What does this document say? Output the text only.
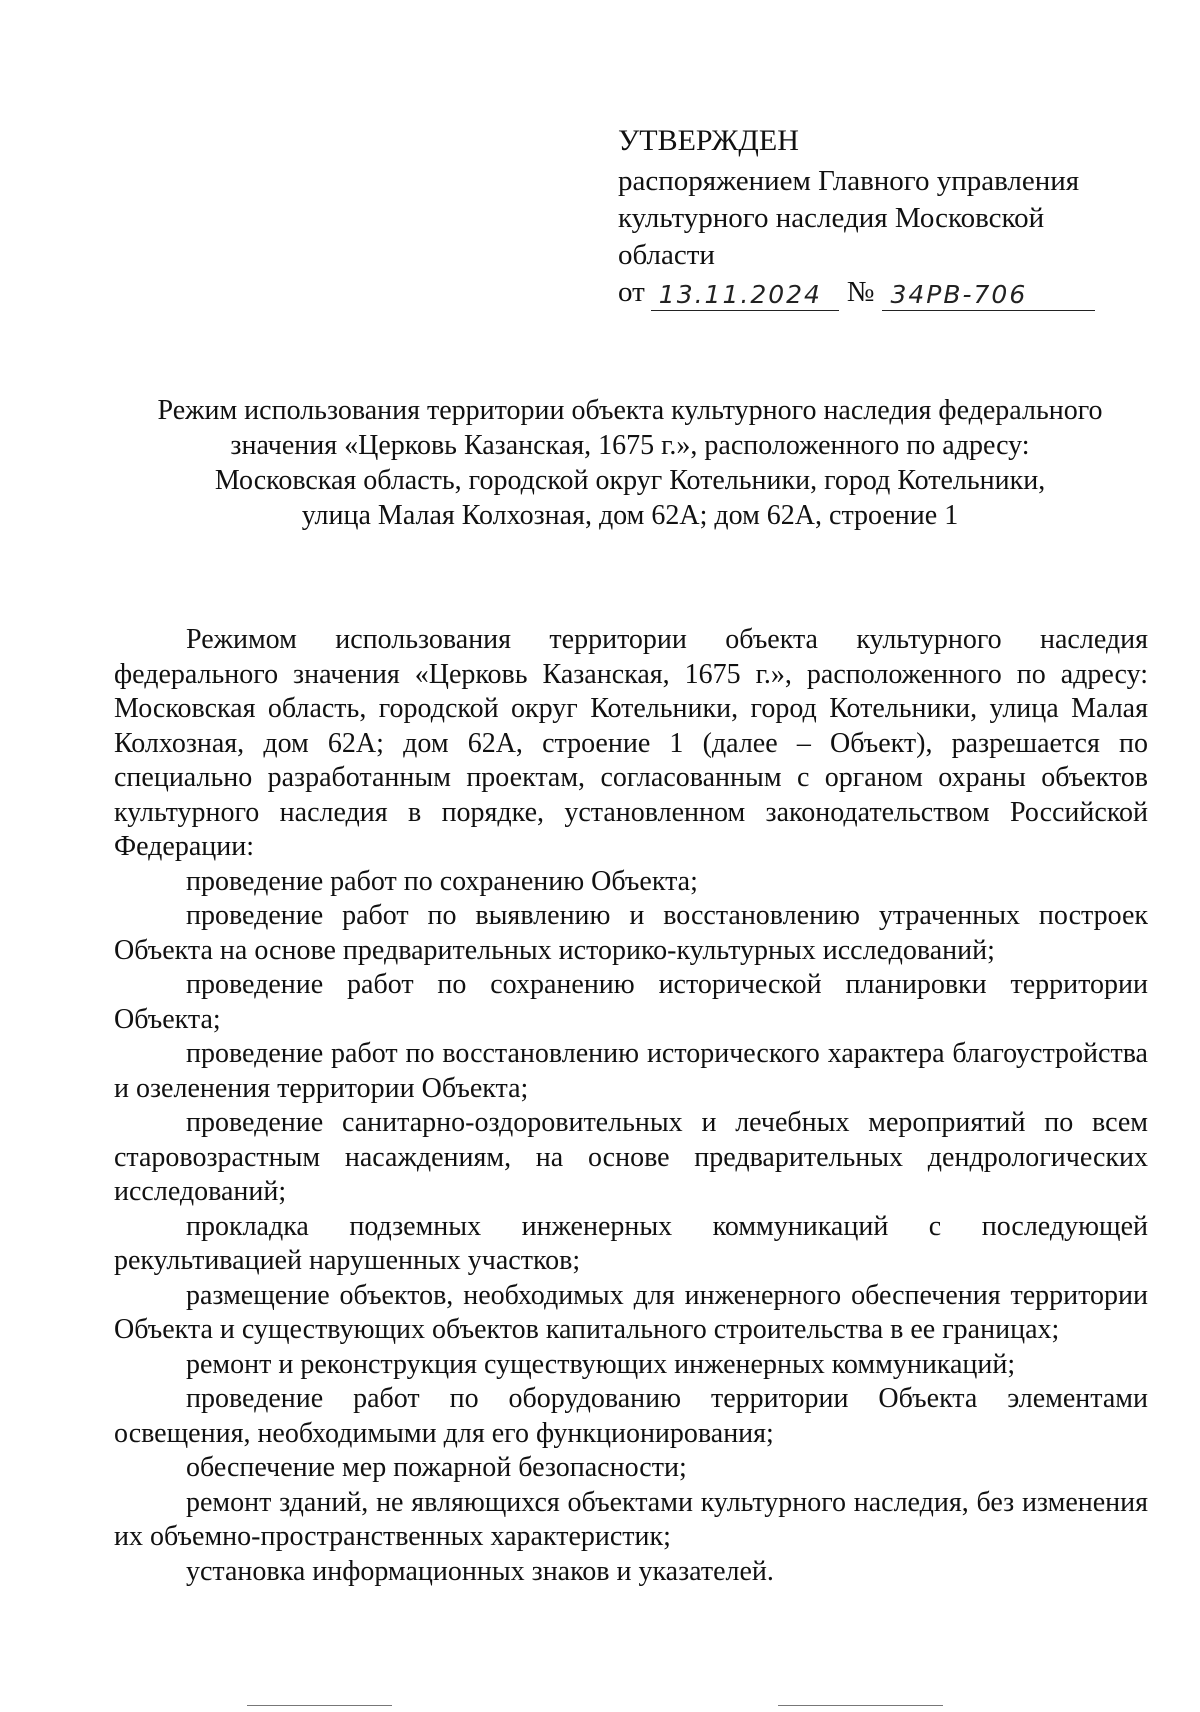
УТВЕРЖДЕН
распоряжением Главного управления
культурного наследия Московской области
от 13.11.2024 № 34РВ-706
Режим использования территории объекта культурного наследия федерального
значения «Церковь Казанская, 1675 г.», расположенного по адресу:
Московская область, городской округ Котельники, город Котельники,
улица Малая Колхозная, дом 62А; дом 62А, строение 1

Режимом использования территории объекта культурного наследия федерального значения «Церковь Казанская, 1675 г.», расположенного по адресу: Московская область, городской округ Котельники, город Котельники, улица Малая Колхозная, дом 62А; дом 62А, строение 1 (далее – Объект), разрешается по специально разработанным проектам, согласованным с органом охраны объектов культурного наследия в порядке, установленном законодательством Российской Федерации:

проведение работ по сохранению Объекта;

проведение работ по выявлению и восстановлению утраченных построек Объекта на основе предварительных историко-культурных исследований;

проведение работ по сохранению исторической планировки территории Объекта;

проведение работ по восстановлению исторического характера благоустройства и озеленения территории Объекта;

проведение санитарно-оздоровительных и лечебных мероприятий по всем старовозрастным насаждениям, на основе предварительных дендрологических исследований;

прокладка подземных инженерных коммуникаций с последующей рекультивацией нарушенных участков;

размещение объектов, необходимых для инженерного обеспечения территории Объекта и существующих объектов капитального строительства в ее границах;

ремонт и реконструкция существующих инженерных коммуникаций;

проведение работ по оборудованию территории Объекта элементами освещения, необходимыми для его функционирования;

обеспечение мер пожарной безопасности;

ремонт зданий, не являющихся объектами культурного наследия, без изменения их объемно-пространственных характеристик;

установка информационных знаков и указателей.
